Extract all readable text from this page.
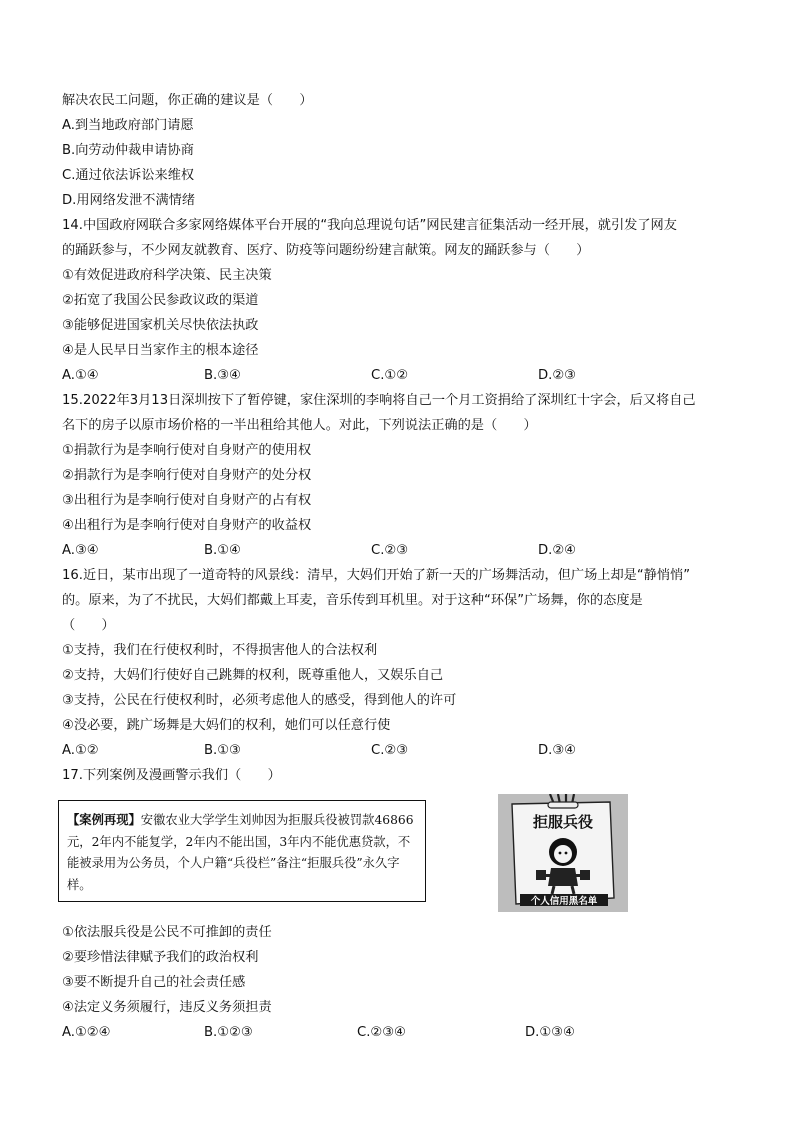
解决农民工问题，你正确的建议是（　　）
A.到当地政府部门请愿
B.向劳动仲裁申请协商
C.通过依法诉讼来维权
D.用网络发泄不满情绪
14.中国政府网联合多家网络媒体平台开展的“我向总理说句话”网民建言征集活动一经开展，就引发了网友
的踊跃参与，不少网友就教育、医疗、防疫等问题纷纷建言献策。网友的踊跃参与（　　）
①有效促进政府科学决策、民主决策
②拓宽了我国公民参政议政的渠道
③能够促进国家机关尽快依法执政
④是人民早日当家作主的根本途径
A.①④	B.③④	C.①②	D.②③
15.2022年3月13日深圳按下了暂停键，家住深圳的李响将自己一个月工资捐给了深圳红十字会，后又将自己
名下的房子以原市场价格的一半出租给其他人。对此，下列说法正确的是（　　）
①捐款行为是李响行使对自身财产的使用权
②捐款行为是李响行使对自身财产的处分权
③出租行为是李响行使对自身财产的占有权
④出租行为是李响行使对自身财产的收益权
A.③④	B.①④	C.②③	D.②④
16.近日，某市出现了一道奇特的风景线：清早，大妈们开始了新一天的广场舞活动，但广场上却是“静悄悄”
的。原来，为了不扰民，大妈们都戴上耳麦，音乐传到耳机里。对于这种“环保”广场舞，你的态度是
（　　）
①支持，我们在行使权利时，不得损害他人的合法权利
②支持，大妈们行使好自己跳舞的权利，既尊重他人，又娱乐自己
③支持，公民在行使权利时，必须考虑他人的感受，得到他人的许可
④没必要，跳广场舞是大妈们的权利，她们可以任意行使
A.①②	B.①③	C.②③	D.③④
17.下列案例及漫画警示我们（　　）
【案例再现】安徽农业大学学生刘帅因为拒服兵役被罚款46866元，2年内不能复学，2年内不能出国，3年内不能优惠贷款，不能被录用为公务员，个人户籍“兵役栏”备注“拒服兵役”永久字样。
拒服兵役
个人信用黑名单
①依法服兵役是公民不可推卸的责任
②要珍惜法律赋予我们的政治权利
③要不断提升自己的社会责任感
④法定义务须履行，违反义务须担责
A.①②④	B.①②③	C.②③④	D.①③④
